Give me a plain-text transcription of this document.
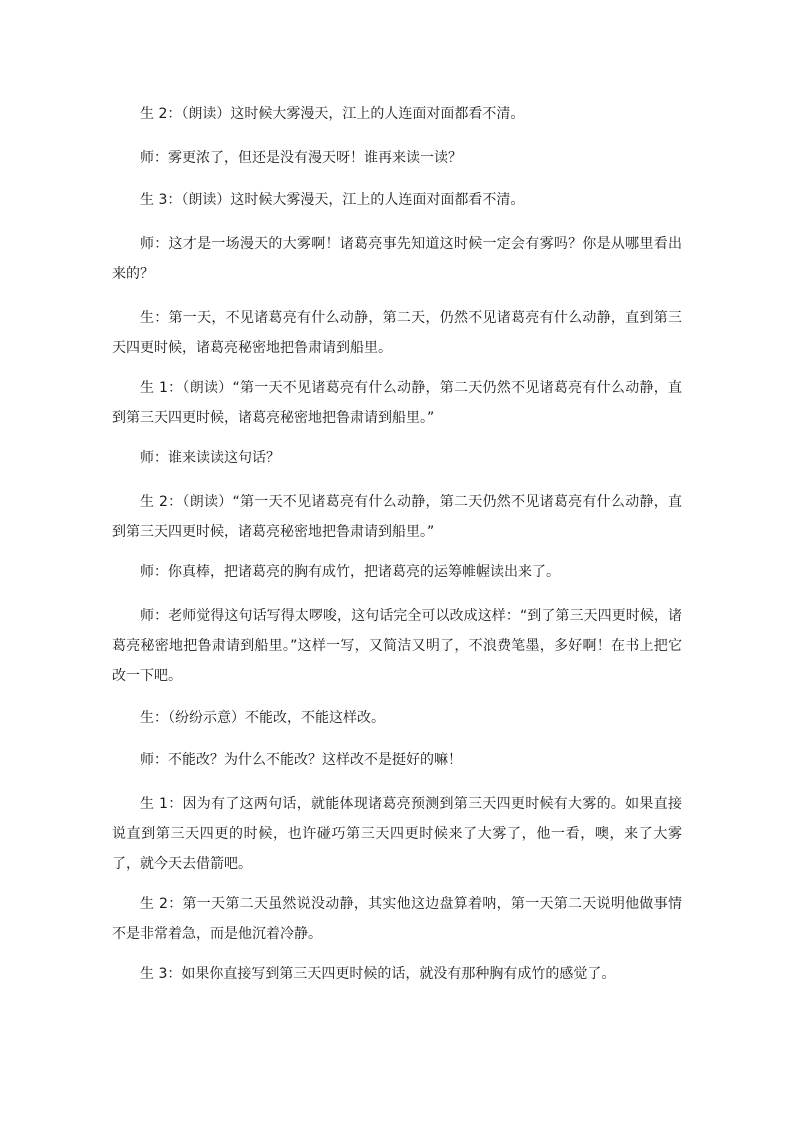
生 2：（朗读）这时候大雾漫天，江上的人连面对面都看不清。

师：雾更浓了，但还是没有漫天呀！谁再来读一读？

生 3：（朗读）这时候大雾漫天，江上的人连面对面都看不清。

师：这才是一场漫天的大雾啊！诸葛亮事先知道这时候一定会有雾吗？你是从哪里看出来的？

生：第一天，不见诸葛亮有什么动静，第二天，仍然不见诸葛亮有什么动静，直到第三天四更时候，诸葛亮秘密地把鲁肃请到船里。

生 1：（朗读）“第一天不见诸葛亮有什么动静，第二天仍然不见诸葛亮有什么动静，直到第三天四更时候，诸葛亮秘密地把鲁肃请到船里。”

师：谁来读读这句话？

生 2：（朗读）“第一天不见诸葛亮有什么动静，第二天仍然不见诸葛亮有什么动静，直到第三天四更时候，诸葛亮秘密地把鲁肃请到船里。”

师：你真棒，把诸葛亮的胸有成竹，把诸葛亮的运筹帷幄读出来了。

师：老师觉得这句话写得太啰唆，这句话完全可以改成这样：“到了第三天四更时候，诸葛亮秘密地把鲁肃请到船里。”这样一写，又简洁又明了，不浪费笔墨，多好啊！在书上把它改一下吧。

生：（纷纷示意）不能改，不能这样改。

师：不能改？为什么不能改？这样改不是挺好的嘛！

生 1：因为有了这两句话，就能体现诸葛亮预测到第三天四更时候有大雾的。如果直接说直到第三天四更的时候，也许碰巧第三天四更时候来了大雾了，他一看，噢，来了大雾了，就今天去借箭吧。

生 2：第一天第二天虽然说没动静，其实他这边盘算着呐，第一天第二天说明他做事情不是非常着急，而是他沉着冷静。

生 3：如果你直接写到第三天四更时候的话，就没有那种胸有成竹的感觉了。
